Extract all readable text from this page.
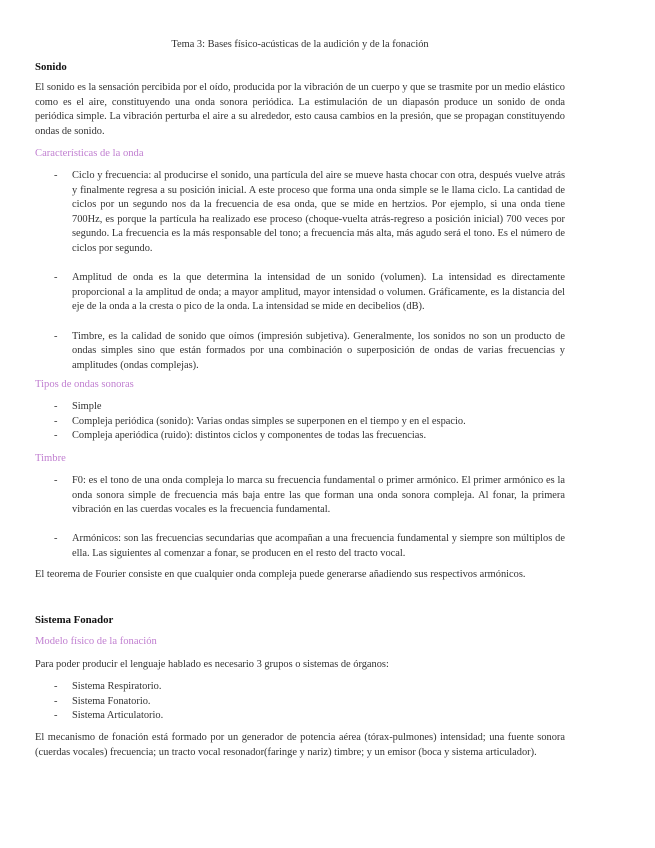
Tema 3: Bases físico-acústicas de la audición y de la fonación
Sonido

El sonido es la sensación percibida por el oído, producida por la vibración de un cuerpo y que se trasmite por un medio elástico como es el aire, constituyendo una onda sonora periódica. La estimulación de un diapasón produce un sonido de onda periódica simple. La vibración perturba el aire a su alrededor, esto causa cambios en la presión, que se propagan constituyendo ondas de sonido.

Características de la onda
- Ciclo y frecuencia: al producirse el sonido, una partícula del aire se mueve hasta chocar con otra, después vuelve atrás y finalmente regresa a su posición inicial. A este proceso que forma una onda simple se le llama ciclo. La cantidad de ciclos por un segundo nos da la frecuencia de esa onda, que se mide en hertzios. Por ejemplo, si una onda tiene 700Hz, es porque la partícula ha realizado ese proceso (choque-vuelta atrás-regreso a posición inicial) 700 veces por segundo. La frecuencia es la más responsable del tono; a frecuencia más alta, más agudo será el tono. Es el número de ciclos por segundo.
- Amplitud de onda es la que determina la intensidad de un sonido (volumen). La intensidad es directamente proporcional a la amplitud de onda; a mayor amplitud, mayor intensidad o volumen. Gráficamente, es la distancia del eje de la onda a la cresta o pico de la onda. La intensidad se mide en decibelios (dB).
- Timbre, es la calidad de sonido que oímos (impresión subjetiva). Generalmente, los sonidos no son un producto de ondas simples sino que están formados por una combinación o superposición de ondas de varias frecuencias y amplitudes (ondas complejas).
Tipos de ondas sonoras
- Simple
- Compleja periódica (sonido): Varias ondas simples se superponen en el tiempo y en el espacio.
- Compleja aperiódica (ruido): distintos ciclos y componentes de todas las frecuencias.
Timbre
- F0: es el tono de una onda compleja lo marca su frecuencia fundamental o primer armónico. El primer armónico es la onda sonora simple de frecuencia más baja entre las que forman una onda sonora compleja. Al fonar, la primera vibración en las cuerdas vocales es la frecuencia fundamental.
- Armónicos: son las frecuencias secundarias que acompañan a una frecuencia fundamental y siempre son múltiplos de ella. Las siguientes al comenzar a fonar, se producen en el resto del tracto vocal.

El teorema de Fourier consiste en que cualquier onda compleja puede generarse añadiendo sus respectivos armónicos.

Sistema Fonador
Modelo físico de la fonación

Para poder producir el lenguaje hablado es necesario 3 grupos o sistemas de órganos:

- Sistema Respiratorio.
- Sistema Fonatorio.
- Sistema Articulatorio.

El mecanismo de fonación está formado por un generador de potencia aérea (tórax-pulmones) intensidad; una fuente sonora (cuerdas vocales) frecuencia; un tracto vocal resonador(faringe y nariz) timbre; y un emisor (boca y sistema articulador).
